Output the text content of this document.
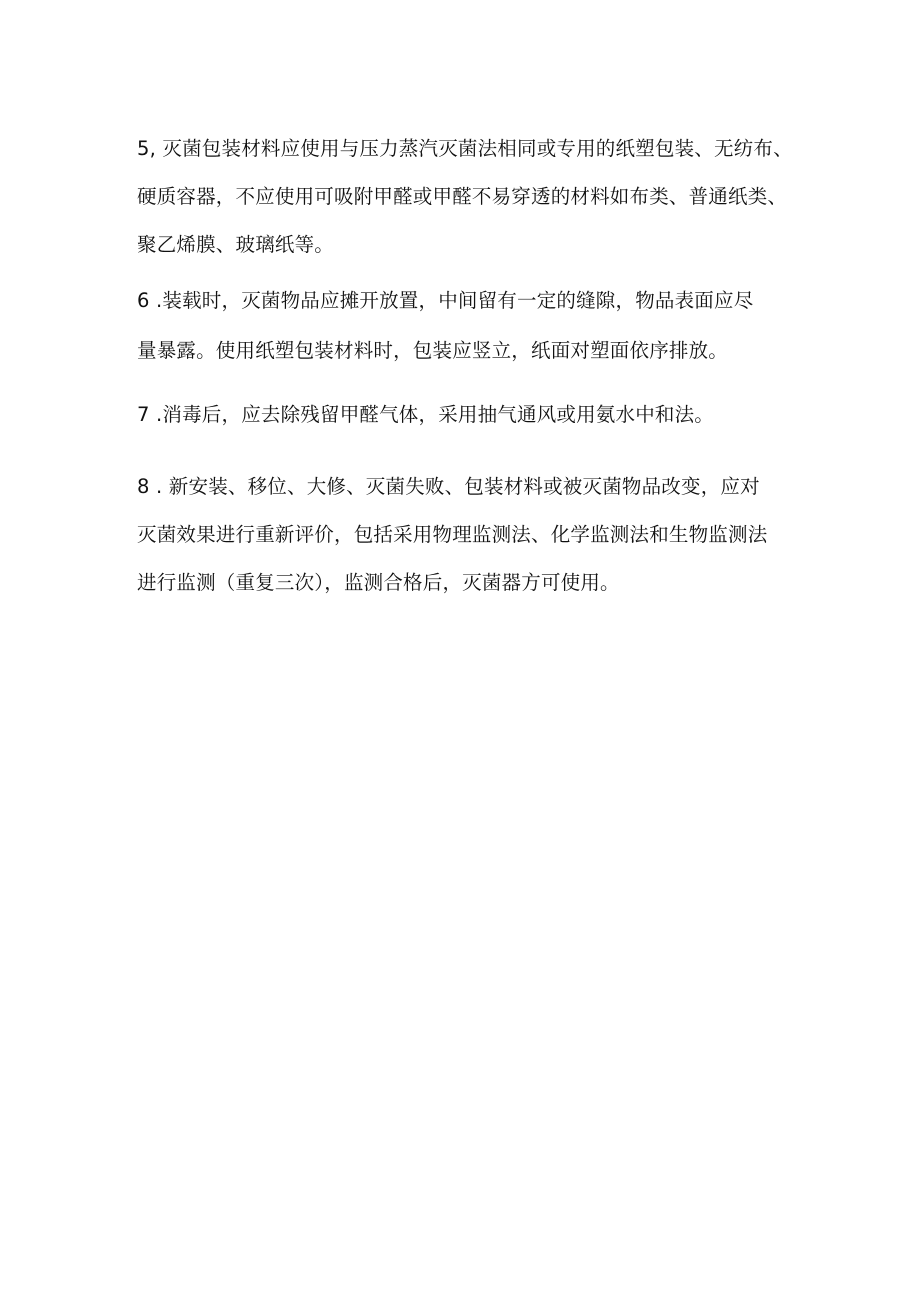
5, 灭菌包装材料应使用与压力蒸汽灭菌法相同或专用的纸塑包装、无纺布、
硬质容器，不应使用可吸附甲醛或甲醛不易穿透的材料如布类、普通纸类、
聚乙烯膜、玻璃纸等。
6 .装载时，灭菌物品应摊开放置，中间留有一定的缝隙，物品表面应尽
量暴露。使用纸塑包装材料时，包装应竖立，纸面对塑面依序排放。
7 .消毒后，应去除残留甲醛气体，采用抽气通风或用氨水中和法。
8 . 新安装、移位、大修、灭菌失败、包装材料或被灭菌物品改变，应对
灭菌效果进行重新评价，包括采用物理监测法、化学监测法和生物监测法
进行监测（重复三次），监测合格后，灭菌器方可使用。
